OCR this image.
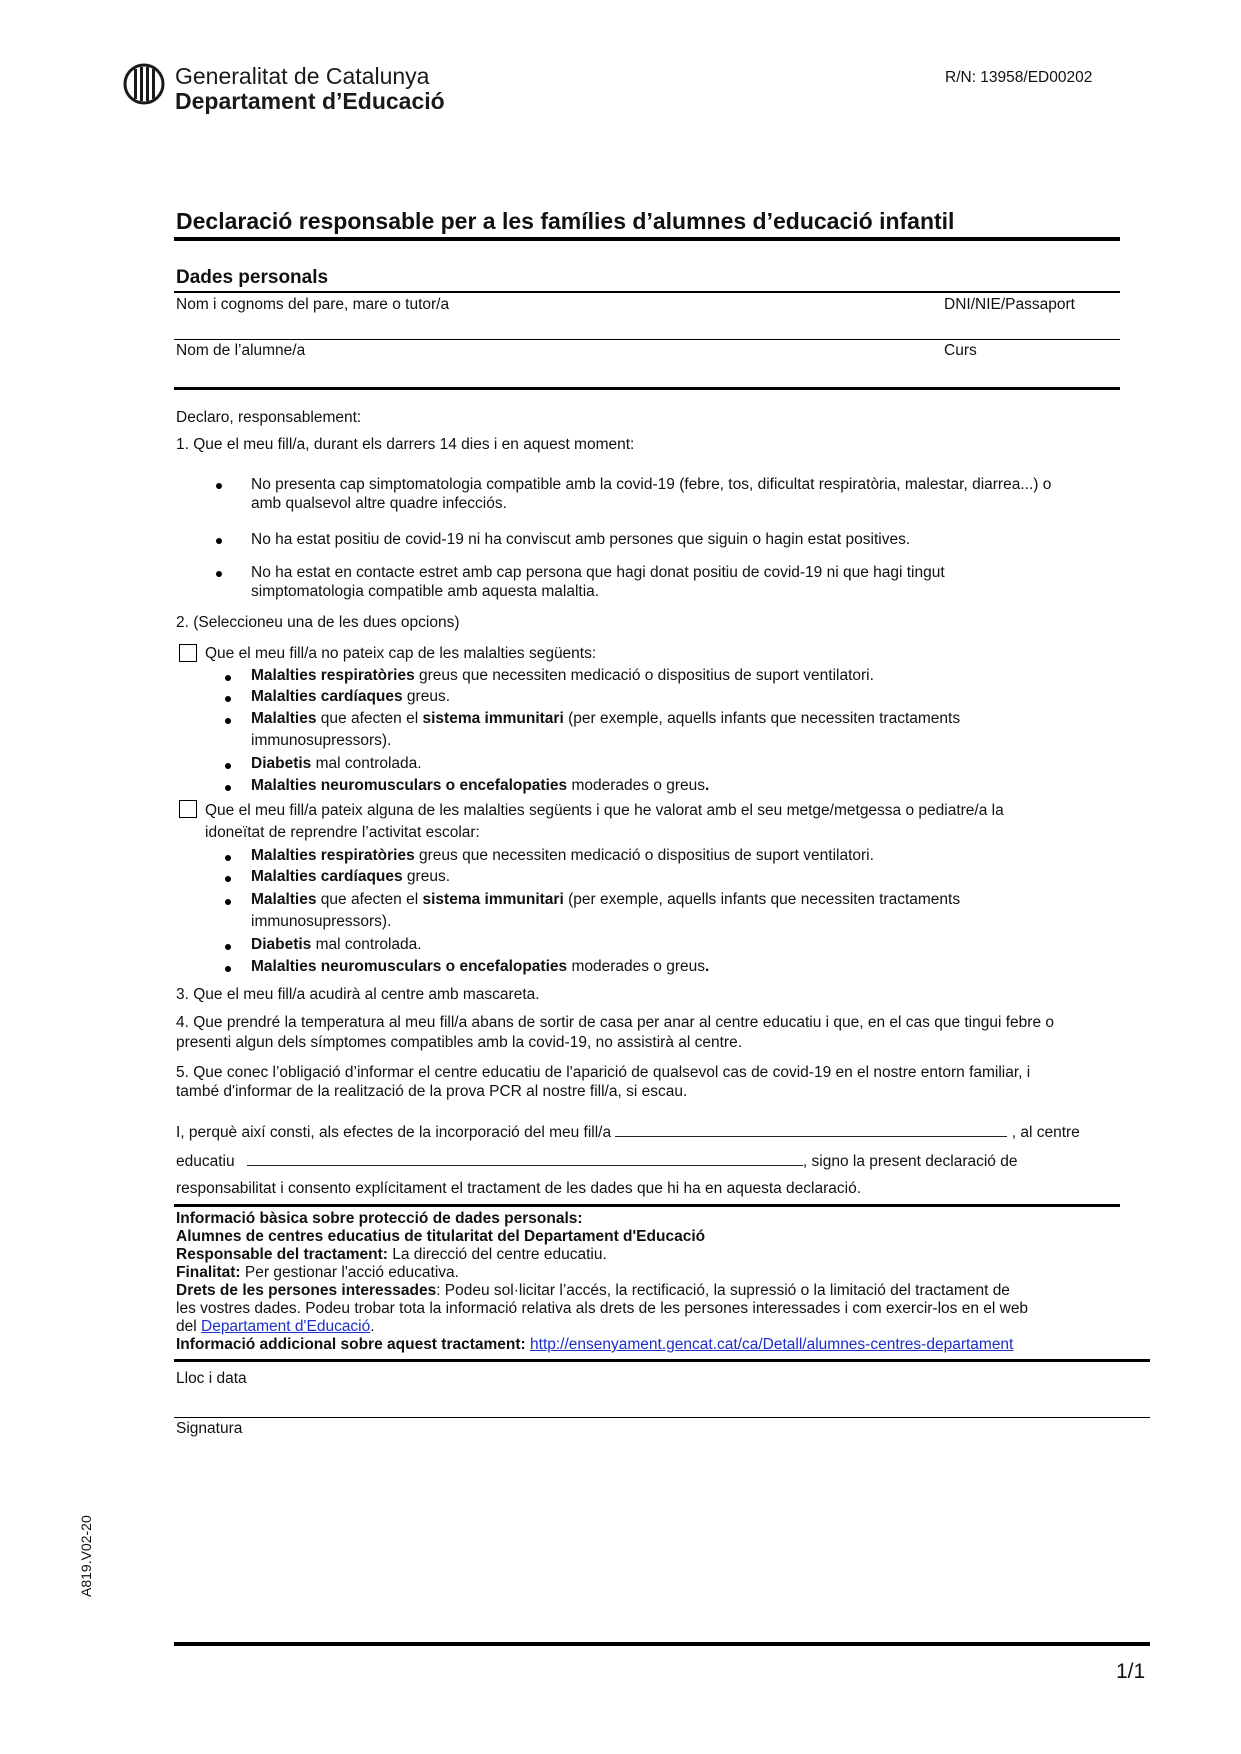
Generalitat de Catalunya
Departament d’Educació
R/N: 13958/ED00202
Declaració responsable per a les famílies d’alumnes d’educació infantil
Dades personals
Nom i cognoms del pare, mare o tutor/a	DNI/NIE/Passaport
Nom de l’alumne/a	Curs
Declaro, responsablement:
1. Que el meu fill/a, durant els darrers 14 dies i en aquest moment:
No presenta cap simptomatologia compatible amb la covid-19 (febre, tos, dificultat respiratòria, malestar, diarrea...) o
amb qualsevol altre quadre infecciós.
No ha estat positiu de covid-19 ni ha conviscut amb persones que siguin o hagin estat positives.
No ha estat en contacte estret amb cap persona que hagi donat positiu de covid-19 ni que hagi tingut
simptomatologia compatible amb aquesta malaltia.
2. (Seleccioneu una de les dues opcions)
Que el meu fill/a no pateix cap de les malalties següents:
Malalties respiratòries greus que necessiten medicació o dispositius de suport ventilatori.
Malalties cardíaques greus.
Malalties que afecten el sistema immunitari (per exemple, aquells infants que necessiten tractaments
immunosupressors).
Diabetis mal controlada.
Malalties neuromusculars o encefalopaties moderades o greus.
Que el meu fill/a pateix alguna de les malalties següents i que he valorat amb el seu metge/metgessa o pediatre/a la
idoneïtat de reprendre l’activitat escolar:
Malalties respiratòries greus que necessiten medicació o dispositius de suport ventilatori.
Malalties cardíaques greus.
Malalties que afecten el sistema immunitari (per exemple, aquells infants que necessiten tractaments
immunosupressors).
Diabetis mal controlada.
Malalties neuromusculars o encefalopaties moderades o greus.
3. Que el meu fill/a acudirà al centre amb mascareta.
4. Que prendré la temperatura al meu fill/a abans de sortir de casa per anar al centre educatiu i que, en el cas que tingui febre o
presenti algun dels símptomes compatibles amb la covid-19, no assistirà al centre.
5. Que conec l’obligació d’informar el centre educatiu de l'aparició de qualsevol cas de covid-19 en el nostre entorn familiar, i
també d'informar de la realització de la prova PCR al nostre fill/a, si escau.
I, perquè així consti, als efectes de la incorporació del meu fill/a	, al centre
educatiu	, signo la present declaració de
responsabilitat i consento explícitament el tractament de les dades que hi ha en aquesta declaració.
Informació bàsica sobre protecció de dades personals:
Alumnes de centres educatius de titularitat del Departament d'Educació
Responsable del tractament: La direcció del centre educatiu.
Finalitat: Per gestionar l'acció educativa.
Drets de les persones interessades: Podeu sol·licitar l’accés, la rectificació, la supressió o la limitació del tractament de
les vostres dades. Podeu trobar tota la informació relativa als drets de les persones interessades i com exercir-los en el web
del Departament d'Educació.
Informació addicional sobre aquest tractament: http://ensenyament.gencat.cat/ca/Detall/alumnes-centres-departament
Lloc i data
Signatura
A819.V02-20
1/1
